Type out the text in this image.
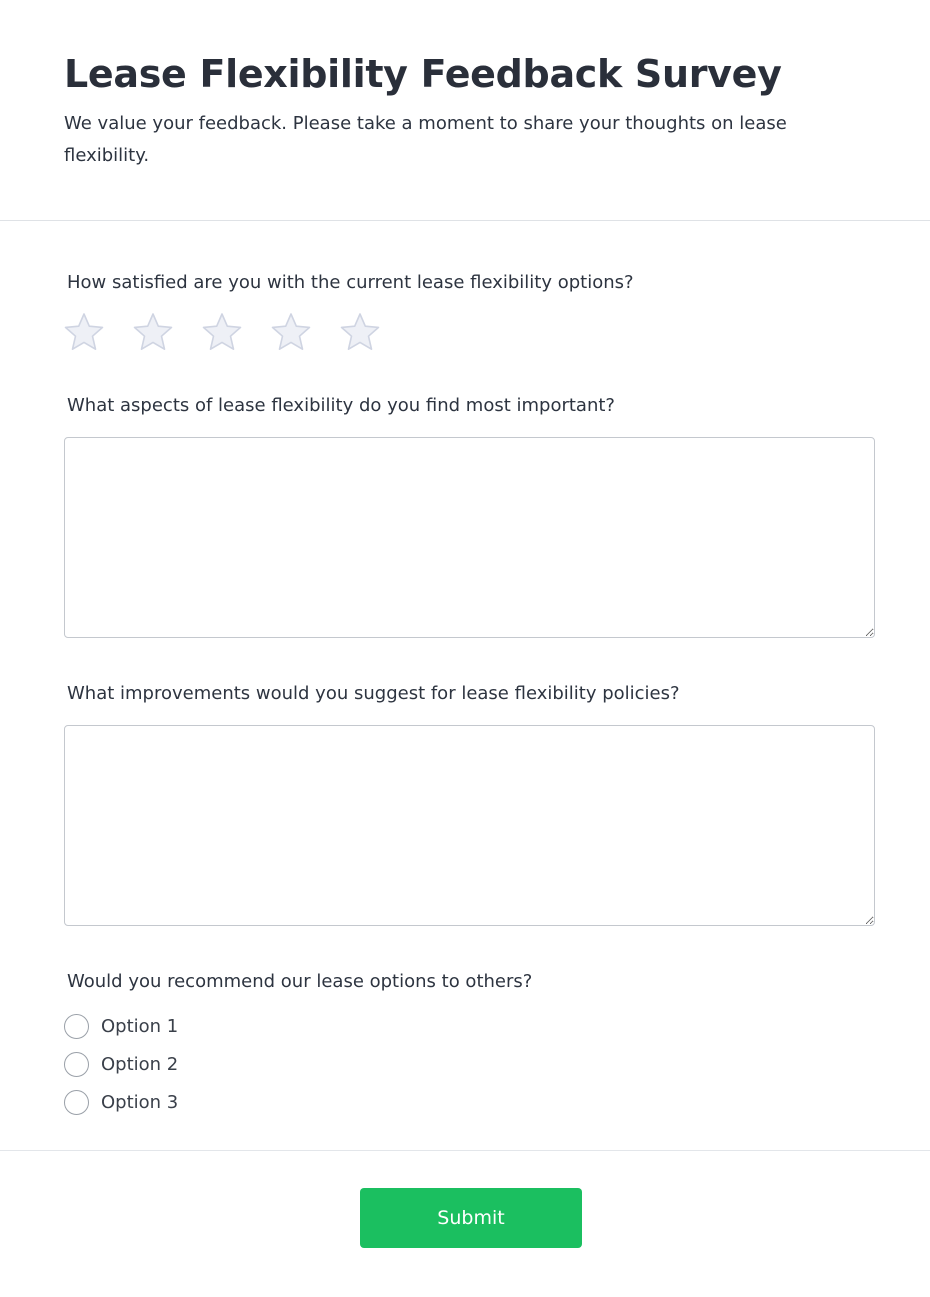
Lease Flexibility Feedback Survey

We value your feedback. Please take a moment to share your thoughts on lease flexibility.

How satisfied are you with the current lease flexibility options?
What aspects of lease flexibility do you find most important?
What improvements would you suggest for lease flexibility policies?
Would you recommend our lease options to others?
Option 1
Option 2
Option 3
Submit
